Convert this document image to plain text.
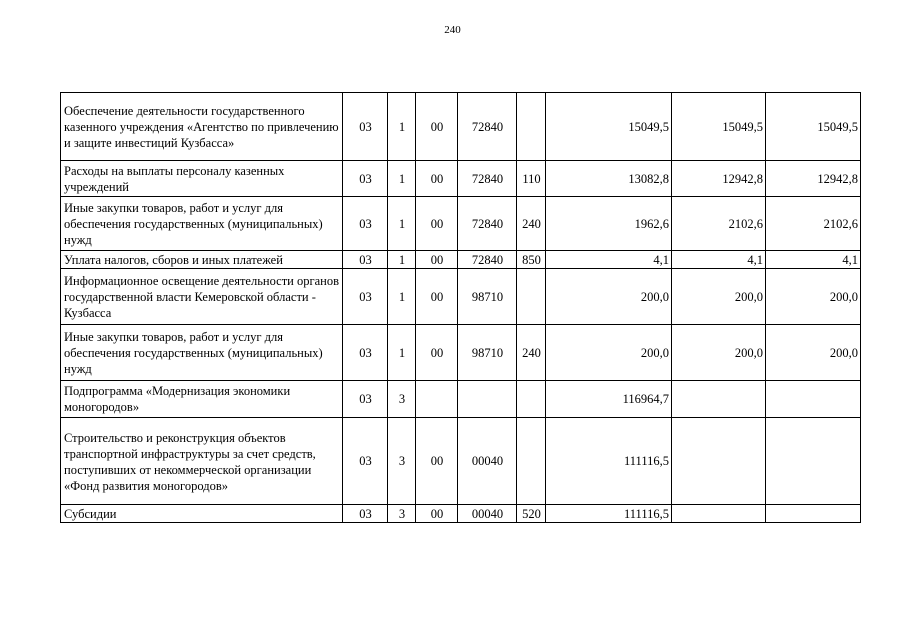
240
Обеспечение деятельности государственного казенного учреждения «Агентство по привлечению и защите инвестиций Кузбасса»	03	1	00	72840		15049,5	15049,5	15049,5
Расходы на выплаты персоналу казенных учреждений	03	1	00	72840	110	13082,8	12942,8	12942,8
Иные закупки товаров, работ и услуг для обеспечения государственных (муниципальных) нужд	03	1	00	72840	240	1962,6	2102,6	2102,6
Уплата налогов, сборов и иных платежей	03	1	00	72840	850	4,1	4,1	4,1
Информационное освещение деятельности органов государственной власти Кемеровской области - Кузбасса	03	1	00	98710		200,0	200,0	200,0
Иные закупки товаров, работ и услуг для обеспечения государственных (муниципальных) нужд	03	1	00	98710	240	200,0	200,0	200,0
Подпрограмма «Модернизация экономики моногородов»	03	3				116964,7		
Строительство и реконструкция объектов транспортной инфраструктуры за счет средств, поступивших от некоммерческой организации «Фонд развития моногородов»	03	3	00	00040		111116,5		
Субсидии	03	3	00	00040	520	111116,5		
